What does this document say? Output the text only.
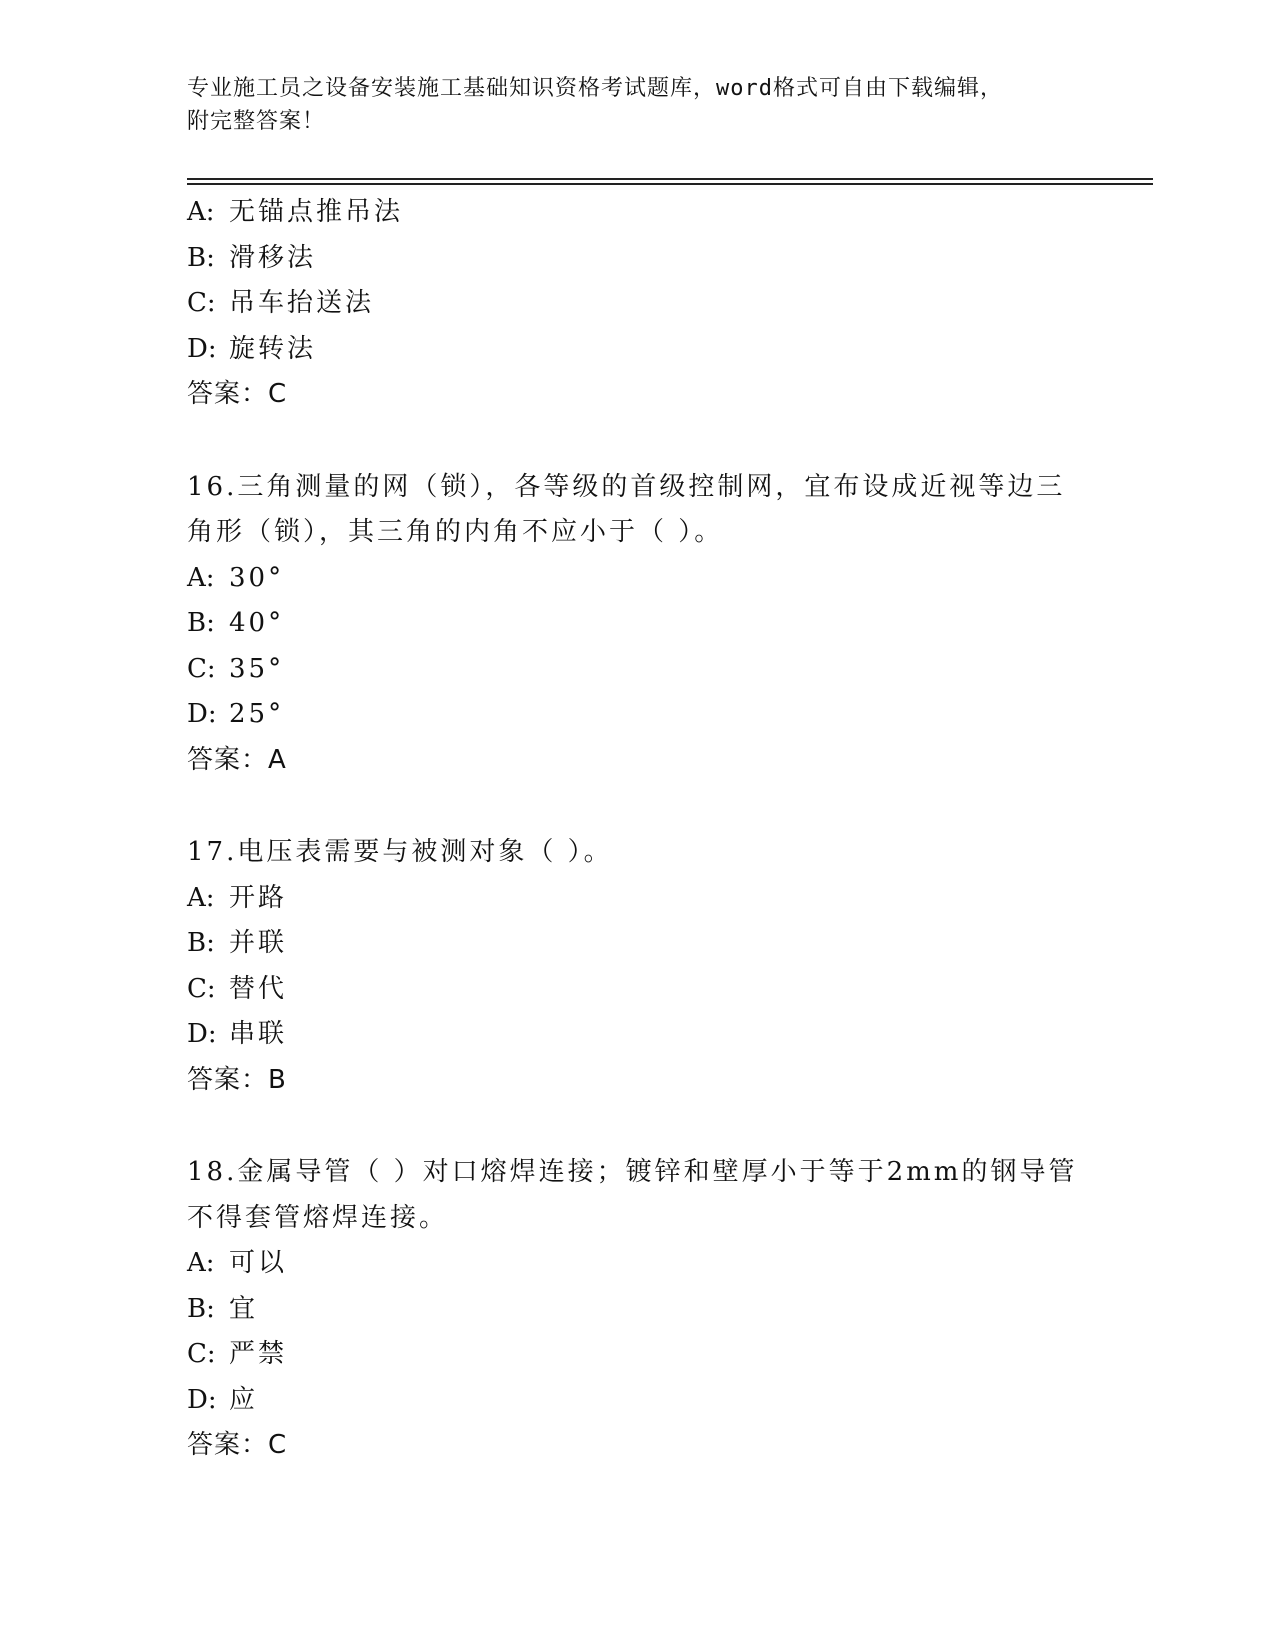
专业施工员之设备安装施工基础知识资格考试题库，word格式可自由下载编辑，
附完整答案！
A: 无锚点推吊法
B: 滑移法
C: 吊车抬送法
D: 旋转法
答案：C
16.三角测量的网（锁），各等级的首级控制网，宜布设成近视等边三
角形（锁），其三角的内角不应小于（ ）。
A: 30°
B: 40°
C: 35°
D: 25°
答案：A
17.电压表需要与被测对象（ ）。
A: 开路
B: 并联
C: 替代
D: 串联
答案：B
18.金属导管（ ）对口熔焊连接；镀锌和壁厚小于等于2mm的钢导管
不得套管熔焊连接。
A: 可以
B: 宜
C: 严禁
D: 应
答案：C
